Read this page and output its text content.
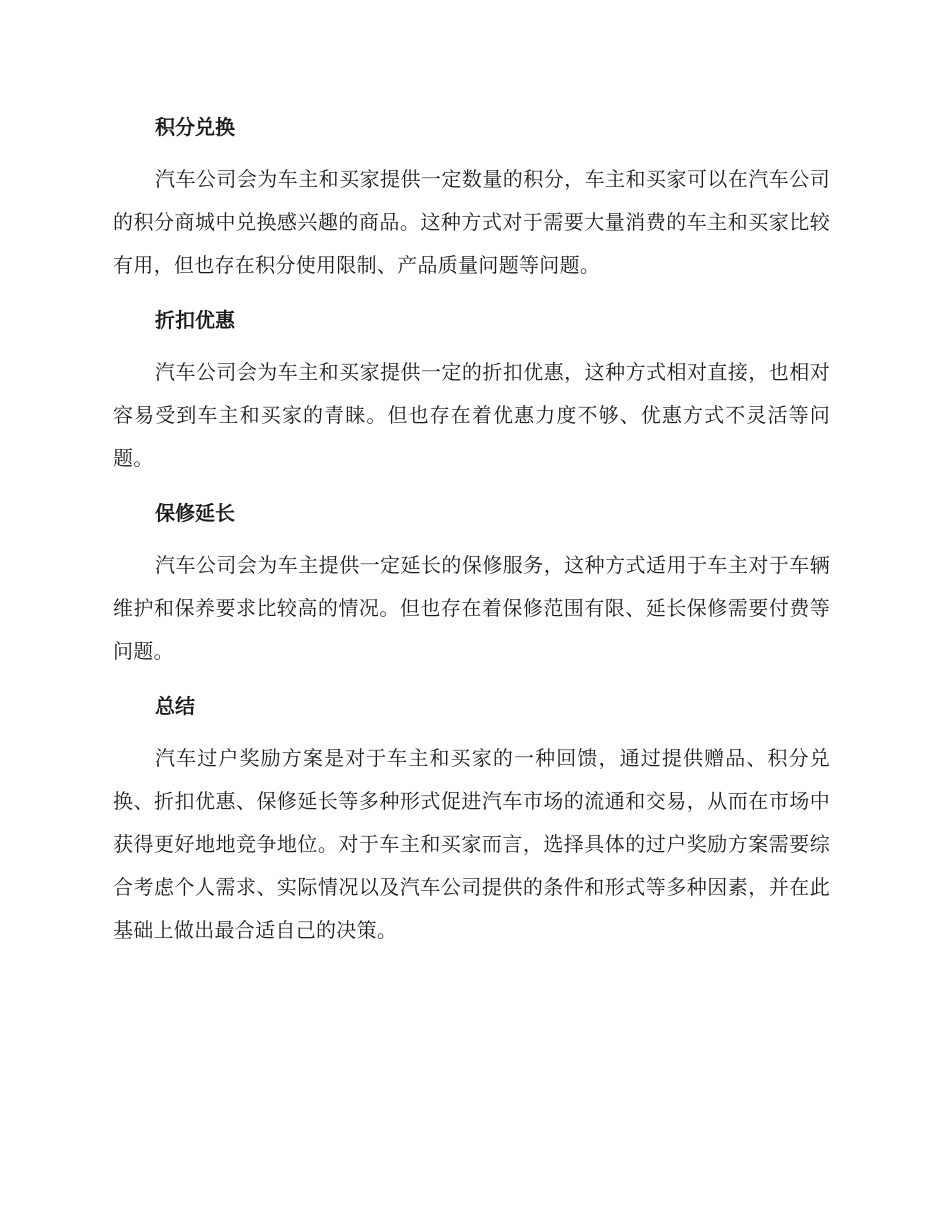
积分兑换

汽车公司会为车主和买家提供一定数量的积分，车主和买家可以在汽车公司的积分商城中兑换感兴趣的商品。这种方式对于需要大量消费的车主和买家比较有用，但也存在积分使用限制、产品质量问题等问题。

折扣优惠

汽车公司会为车主和买家提供一定的折扣优惠，这种方式相对直接，也相对容易受到车主和买家的青睐。但也存在着优惠力度不够、优惠方式不灵活等问题。

保修延长

汽车公司会为车主提供一定延长的保修服务，这种方式适用于车主对于车辆维护和保养要求比较高的情况。但也存在着保修范围有限、延长保修需要付费等问题。

总结

汽车过户奖励方案是对于车主和买家的一种回馈，通过提供赠品、积分兑换、折扣优惠、保修延长等多种形式促进汽车市场的流通和交易，从而在市场中获得更好地地竞争地位。对于车主和买家而言，选择具体的过户奖励方案需要综合考虑个人需求、实际情况以及汽车公司提供的条件和形式等多种因素，并在此基础上做出最合适自己的决策。
